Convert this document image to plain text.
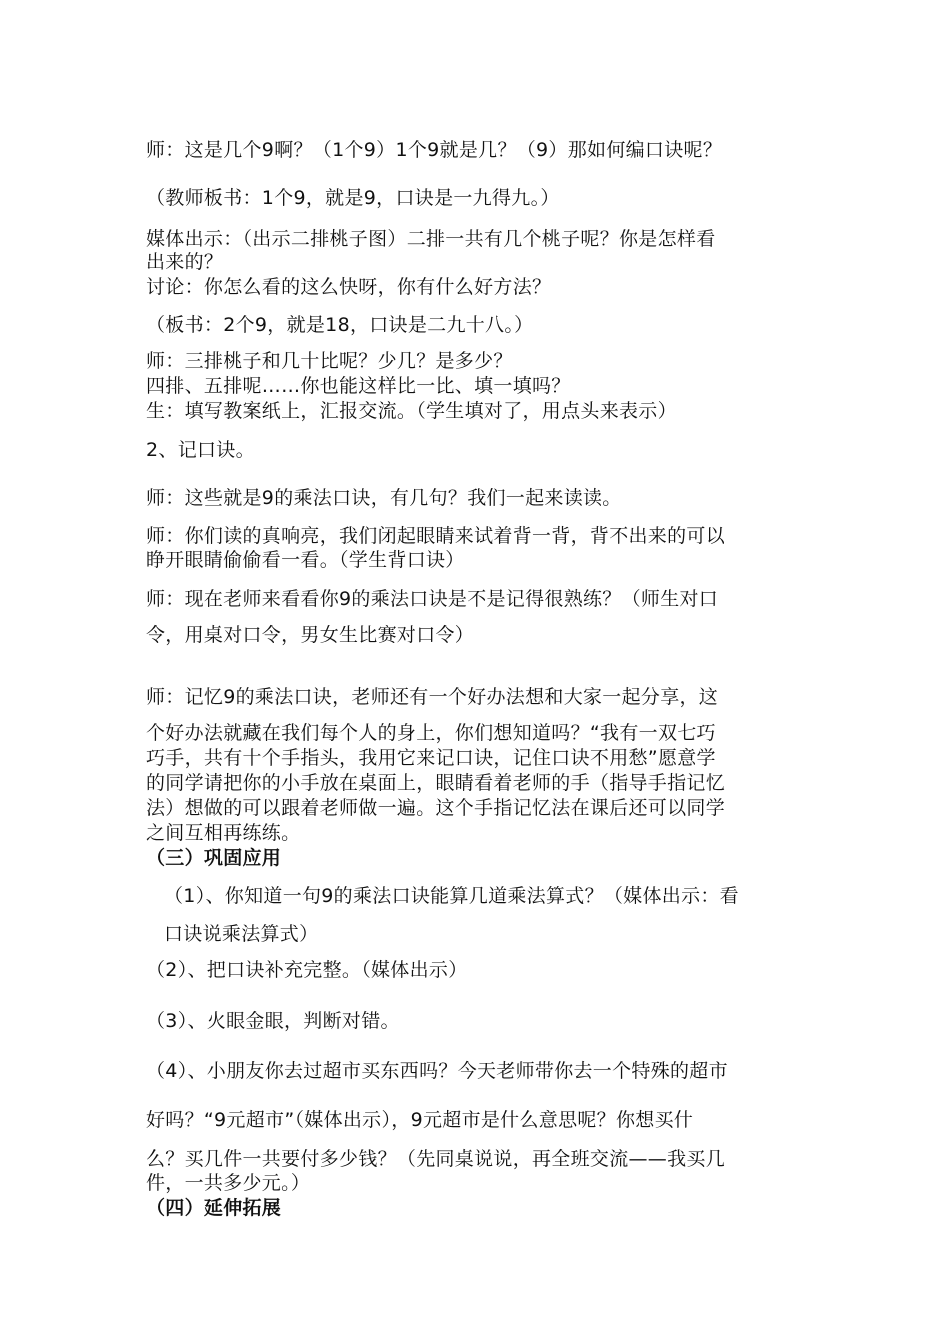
师：这是几个9啊？（1个9）1个9就是几？（9）那如何编口诀呢？
（教师板书：1个9，就是9，口诀是一九得九。）
媒体出示：（出示二排桃子图）二排一共有几个桃子呢？你是怎样看
出来的？
讨论：你怎么看的这么快呀，你有什么好方法？
（板书：2个9，就是18，口诀是二九十八。）
师：三排桃子和几十比呢？少几？是多少？
四排、五排呢……你也能这样比一比、填一填吗？
生：填写教案纸上，汇报交流。（学生填对了，用点头来表示）
2、记口诀。
师：这些就是9的乘法口诀，有几句？我们一起来读读。
师：你们读的真响亮，我们闭起眼睛来试着背一背，背不出来的可以
睁开眼睛偷偷看一看。（学生背口诀）
师：现在老师来看看你9的乘法口诀是不是记得很熟练？（师生对口
令，用桌对口令，男女生比赛对口令）
师：记忆9的乘法口诀，老师还有一个好办法想和大家一起分享，这
个好办法就藏在我们每个人的身上，你们想知道吗？“我有一双七巧
巧手，共有十个手指头，我用它来记口诀，记住口诀不用愁”愿意学
的同学请把你的小手放在桌面上，眼睛看着老师的手（指导手指记忆
法）想做的可以跟着老师做一遍。这个手指记忆法在课后还可以同学
之间互相再练练。
（三）巩固应用
（1）、你知道一句9的乘法口诀能算几道乘法算式？（媒体出示：看
口诀说乘法算式）
（2）、把口诀补充完整。（媒体出示）
（3）、火眼金眼，判断对错。
（4）、小朋友你去过超市买东西吗？今天老师带你去一个特殊的超市
好吗？“9元超市”（媒体出示），9元超市是什么意思呢？你想买什
么？买几件一共要付多少钱？（先同桌说说，再全班交流——我买几
件，一共多少元。）
（四）延伸拓展
